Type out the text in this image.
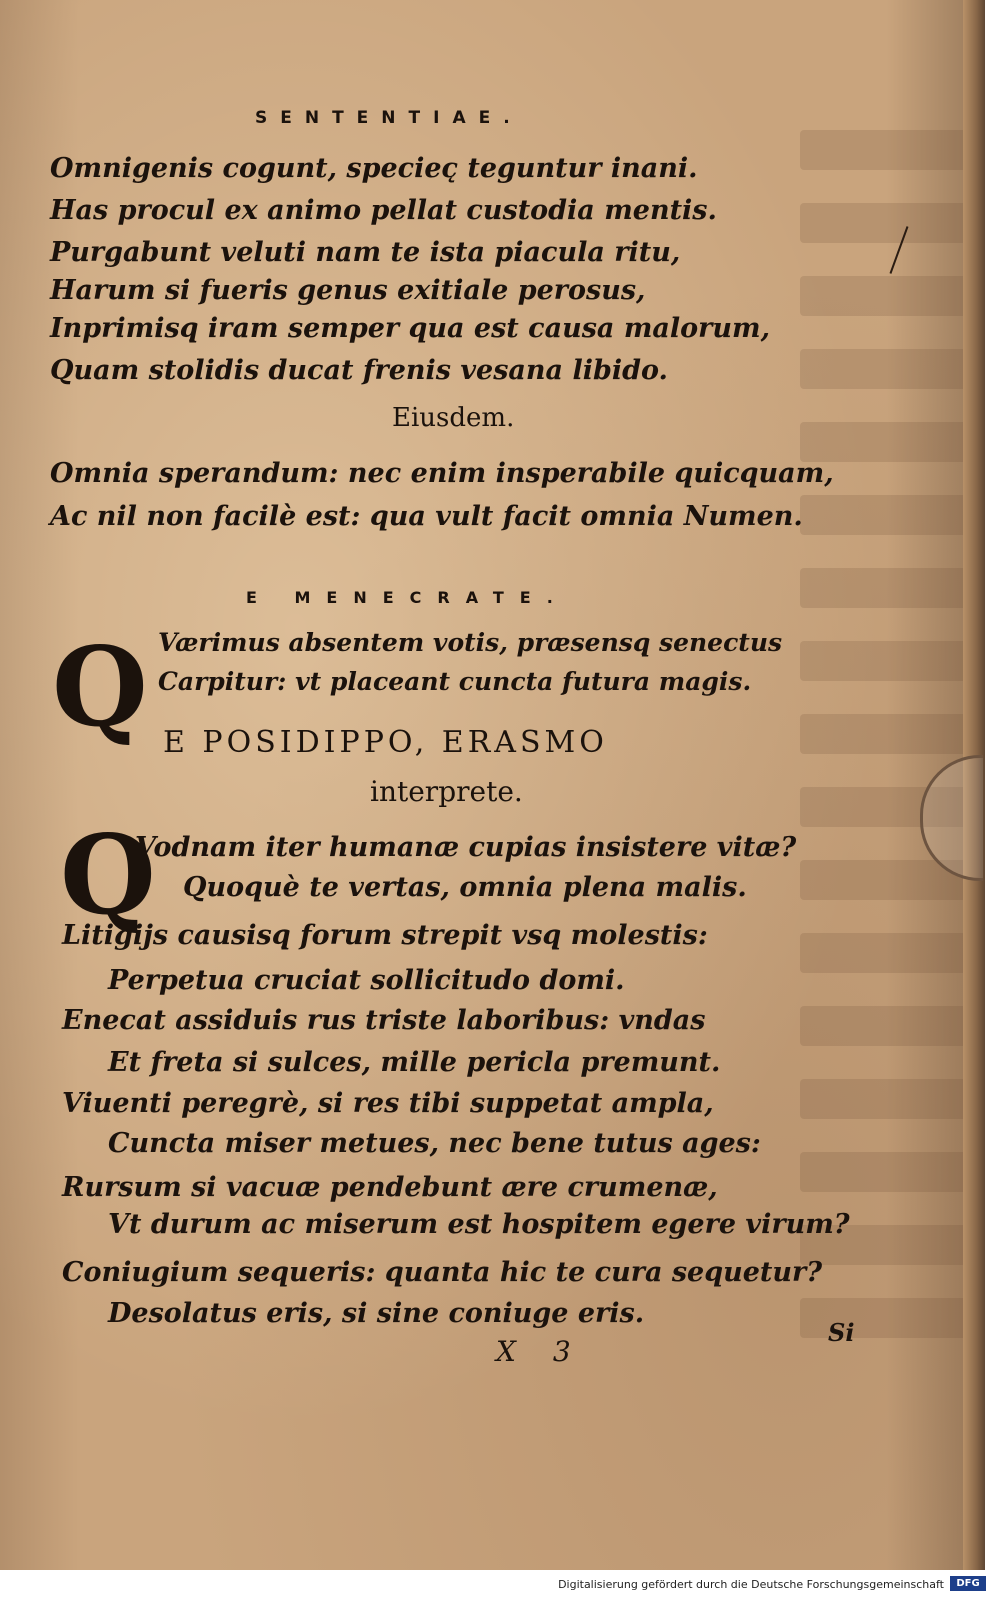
SENTENTIAE.
Omnigenis cogunt, speciec̨ teguntur inani.
Has procul ex animo pellat custodia mentis.
Purgabunt veluti nam te ista piacula ritu,
Harum si fueris genus exitiale perosus,
Inprimisq̨ iram semper qua est causa malorum,
Quam stolidis ducat frenis vesana libido.
Eiusdem.
Omnia sperandum: nec enim insperabile quicquam,
Ac nil non facilè est: qua vult facit omnia Numen.
E MENECRATE.
Q Værimus absentem votis, præsensq̨ senectus
Carpitur: vt placeant cuncta futura magis.
E POSIDIPPO, ERASMO
interprete.
Q
Vodnam iter humanæ cupias insistere vitæ?
Quoquè te vertas, omnia plena malis.
Litigijs causisq̨ forum strepit vsq̨ molestis:
Perpetua cruciat sollicitudo domi.
Enecat assiduis rus triste laboribus: vndas
Et freta si sulces, mille pericla premunt.
Viuenti peregrè, si res tibi suppetat ampla,
Cuncta miser metues, nec bene tutus ages:
Rursum si vacuæ pendebunt ære crumenæ,
Vt durum ac miserum est hospitem egere virum?
Coniugium sequeris: quanta hic te cura sequetur?
Desolatus eris, si sine coniuge eris.
X 3
Si
Digitalisierung gefördert durch die Deutsche Forschungsgemeinschaft	DFG
